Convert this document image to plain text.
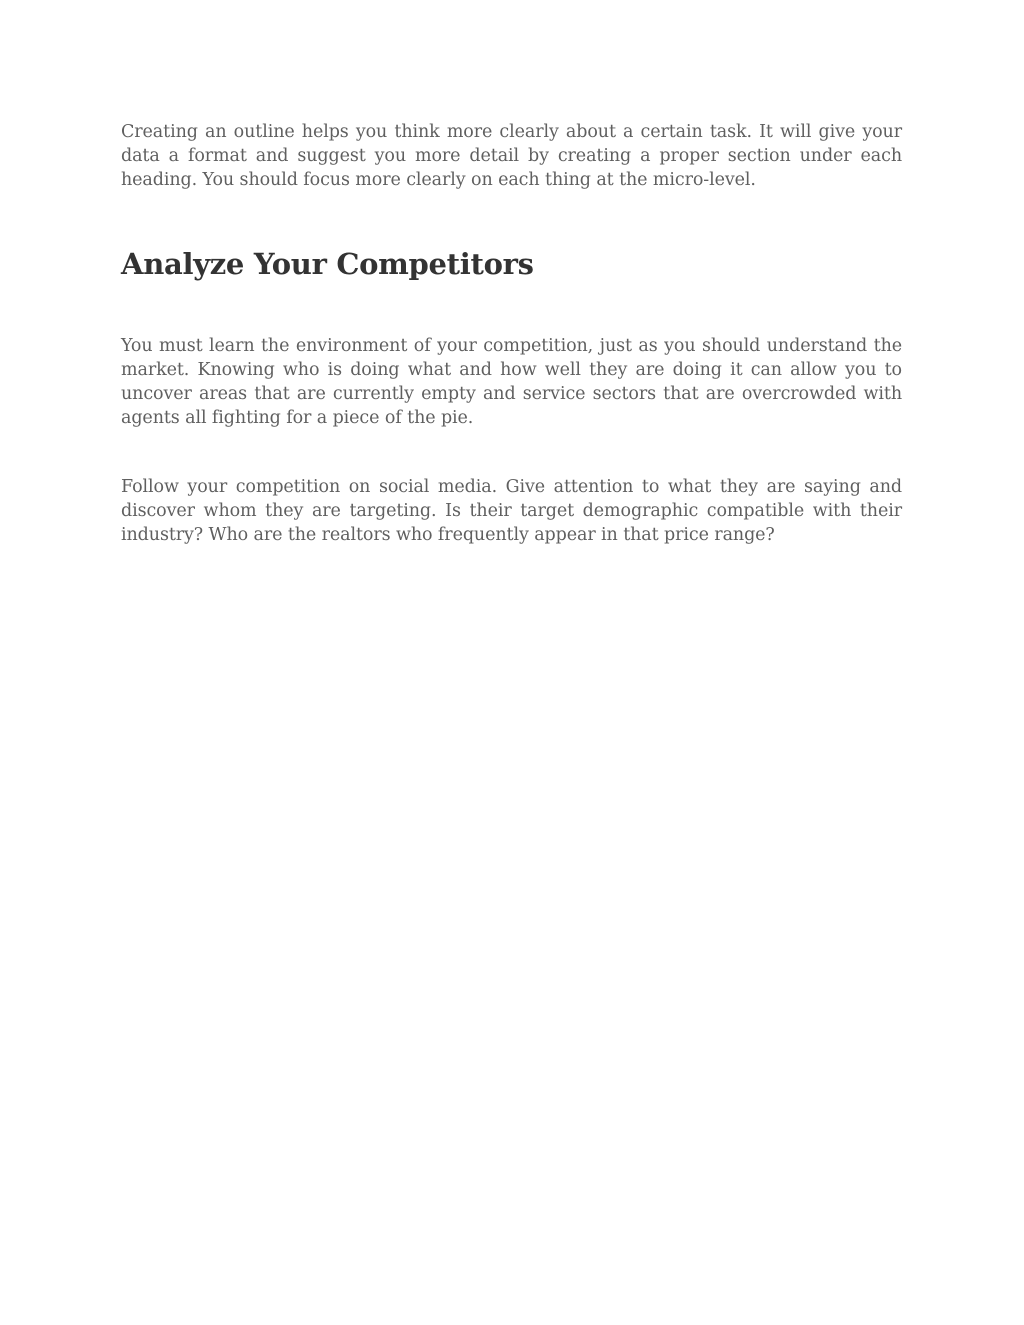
Creating an outline helps you think more clearly about a certain task. It will give your data a format and suggest you more detail by creating a proper section under each heading. You should focus more clearly on each thing at the micro-level.

Analyze Your Competitors

You must learn the environment of your competition, just as you should understand the market. Knowing who is doing what and how well they are doing it can allow you to uncover areas that are currently empty and service sectors that are overcrowded with agents all fighting for a piece of the pie.

Follow your competition on social media. Give attention to what they are saying and discover whom they are targeting. Is their target demographic compatible with their industry? Who are the realtors who frequently appear in that price range?
